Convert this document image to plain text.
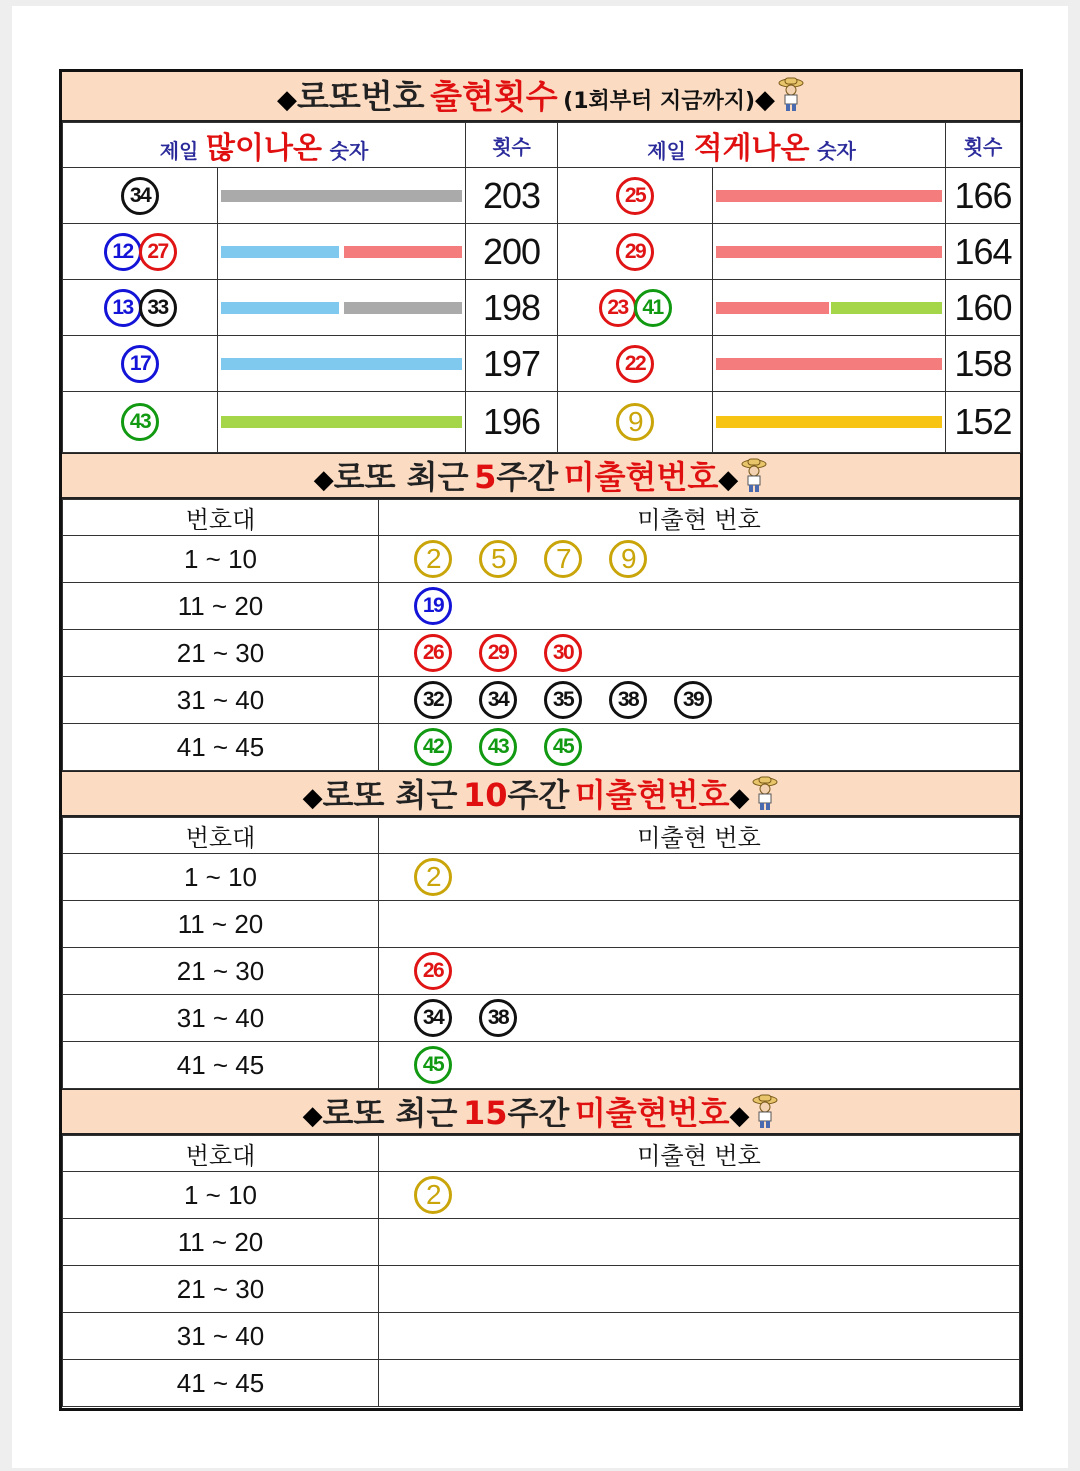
◆로또번호 출현횟수 (1회부터 지금까지)◆
제일 많이나온 숫자		횟수	제일 적게나온 숫자		횟수
34		203	25		166
12 27		200	29		164
13 33		198	23 41		160
17		197	22		158
43		196	9		152
◆로또 최근 5주간 미출현번호◆
번호대	미출현 번호
1 ~ 10	2 5 7 9
11 ~ 20	19
21 ~ 30	26 29 30
31 ~ 40	32 34 35 38 39
41 ~ 45	42 43 45
◆로또 최근 10주간 미출현번호◆
번호대	미출현 번호
1 ~ 10	2
11 ~ 20	
21 ~ 30	26
31 ~ 40	34 38
41 ~ 45	45
◆로또 최근 15주간 미출현번호◆
번호대	미출현 번호
1 ~ 10	2
11 ~ 20	
21 ~ 30	
31 ~ 40	
41 ~ 45	
